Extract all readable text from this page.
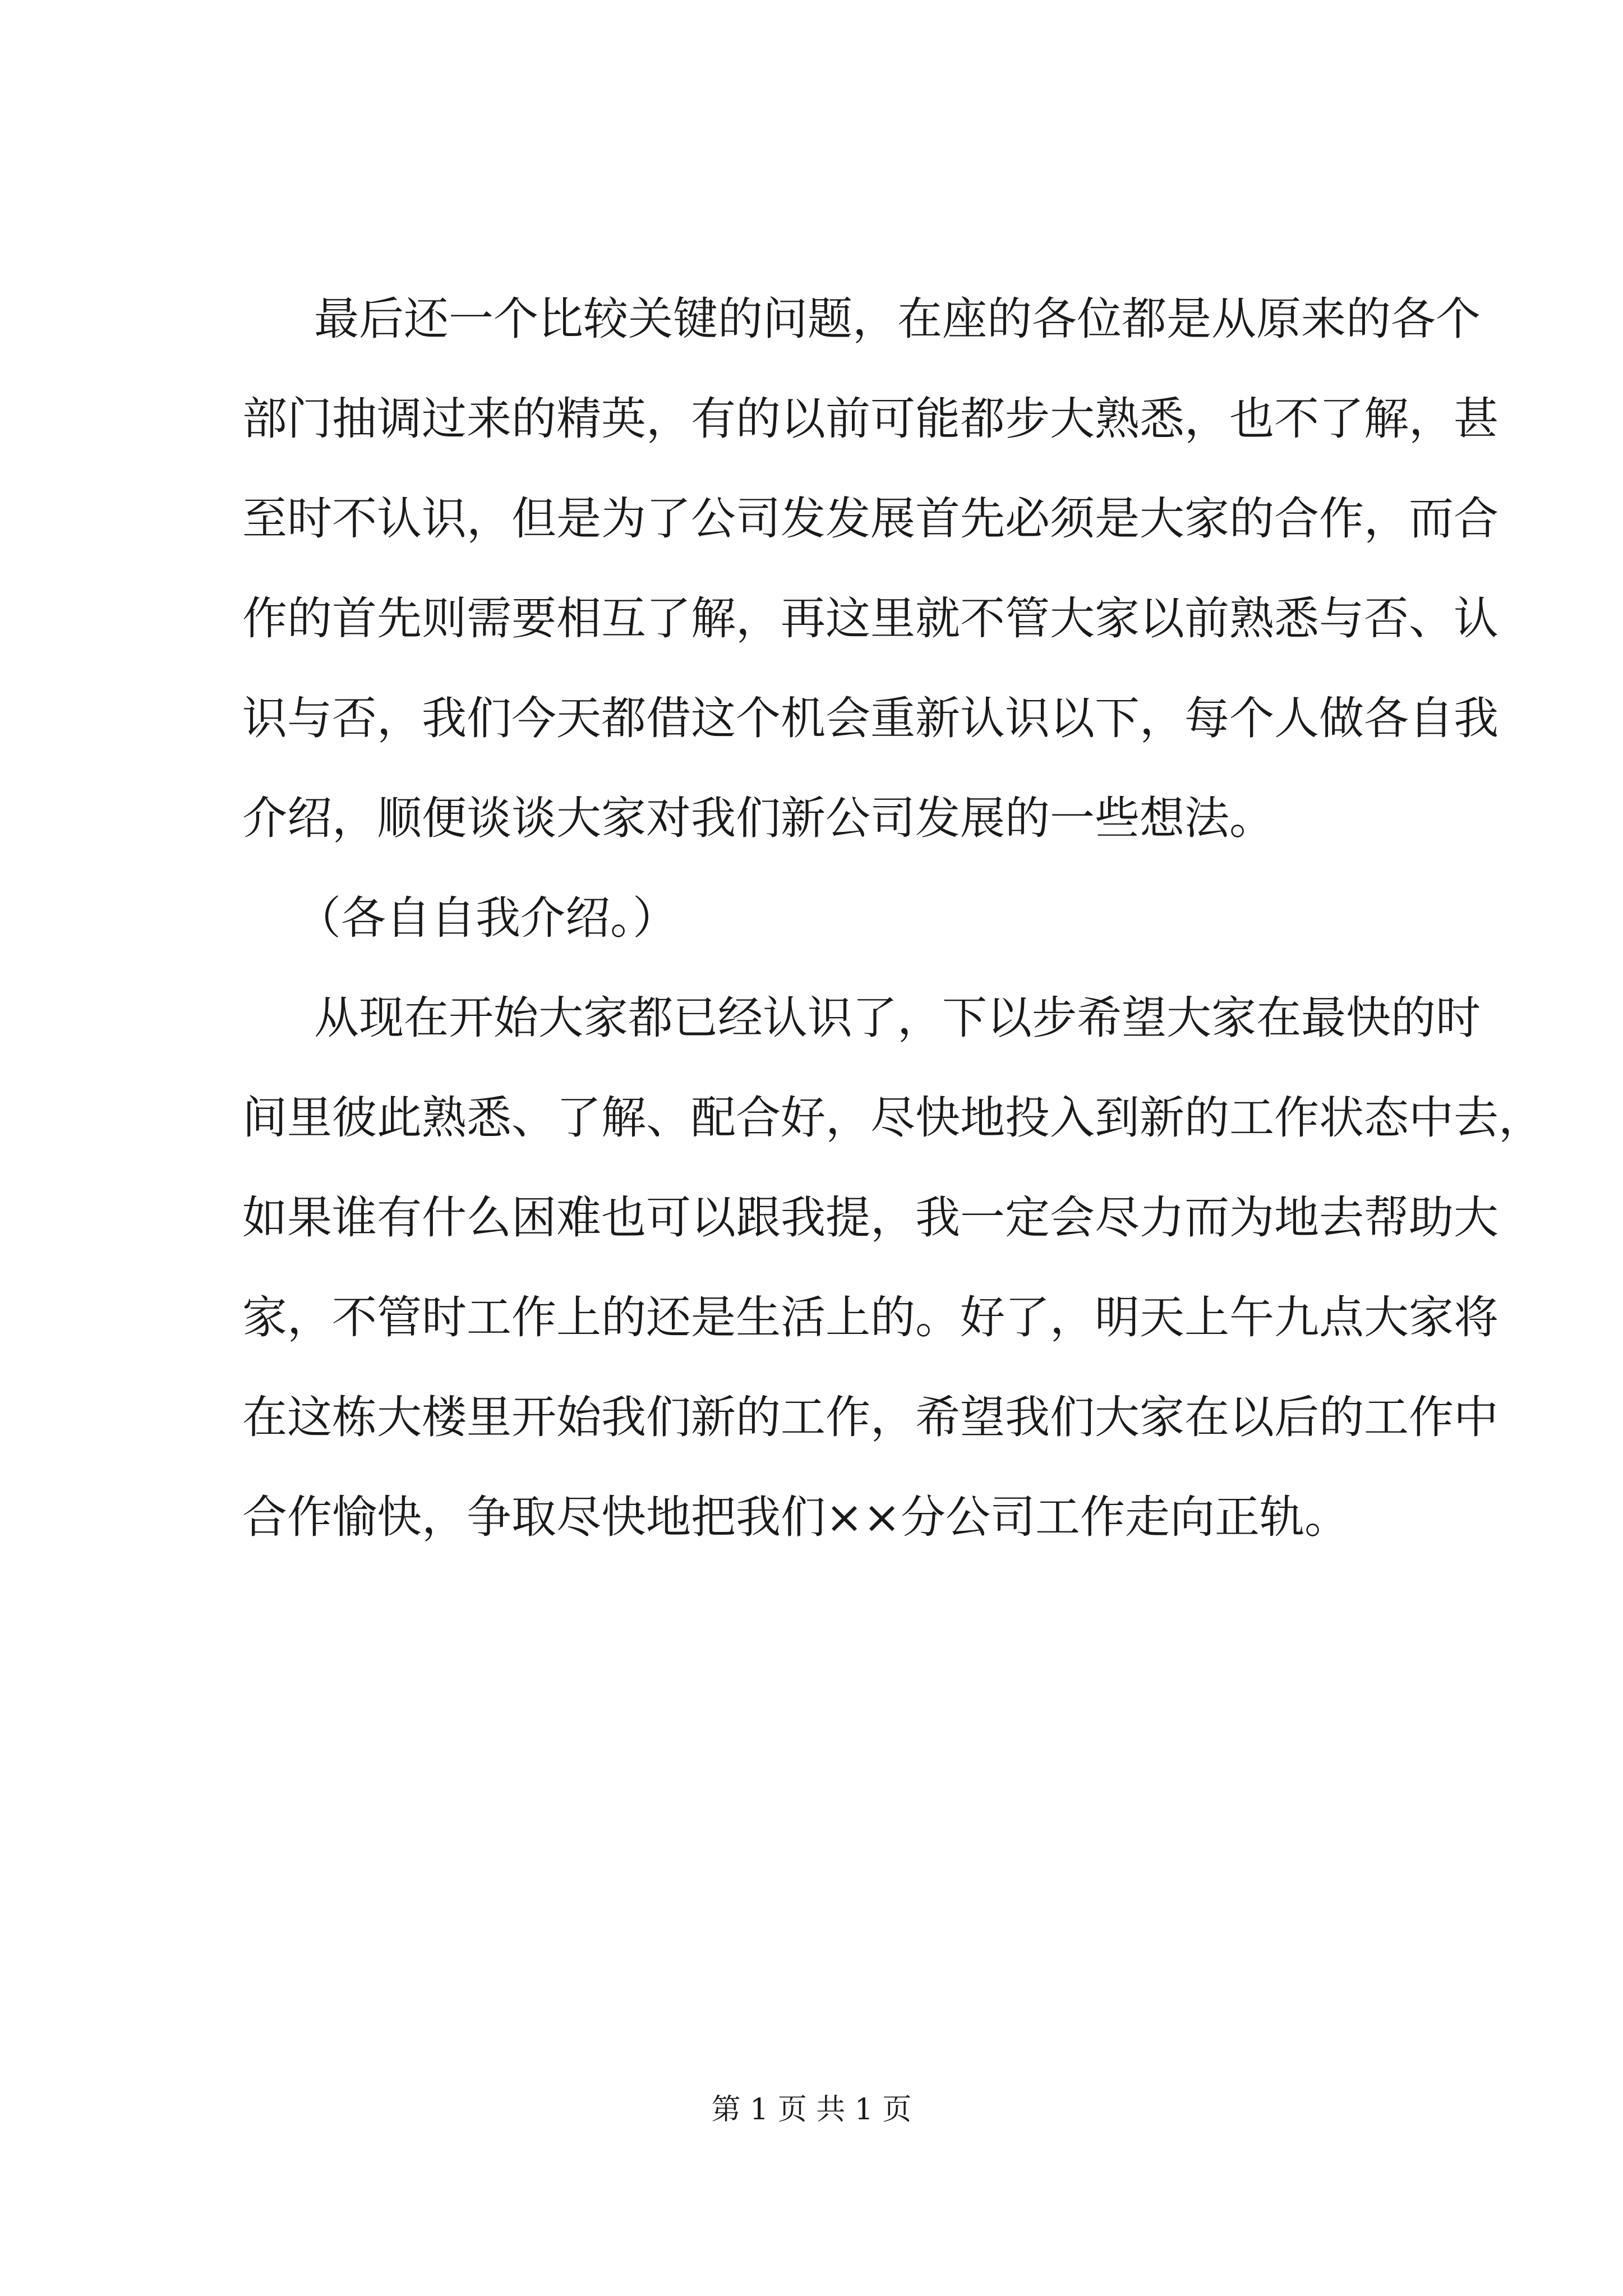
最后还一个比较关键的问题，在座的各位都是从原来的各个
部门抽调过来的精英，有的以前可能都步大熟悉，也不了解，甚
至时不认识，但是为了公司发发展首先必须是大家的合作，而合
作的首先则需要相互了解，再这里就不管大家以前熟悉与否、认
识与否，我们今天都借这个机会重新认识以下，每个人做各自我
介绍，顺便谈谈大家对我们新公司发展的一些想法。
（各自自我介绍。）
从现在开始大家都已经认识了，下以步希望大家在最快的时
间里彼此熟悉、了解、配合好，尽快地投入到新的工作状态中去，
如果谁有什么困难也可以跟我提，我一定会尽力而为地去帮助大
家，不管时工作上的还是生活上的。好了，明天上午九点大家将
在这栋大楼里开始我们新的工作，希望我们大家在以后的工作中
合作愉快，争取尽快地把我们××分公司工作走向正轨。
第 1 页 共 1 页
